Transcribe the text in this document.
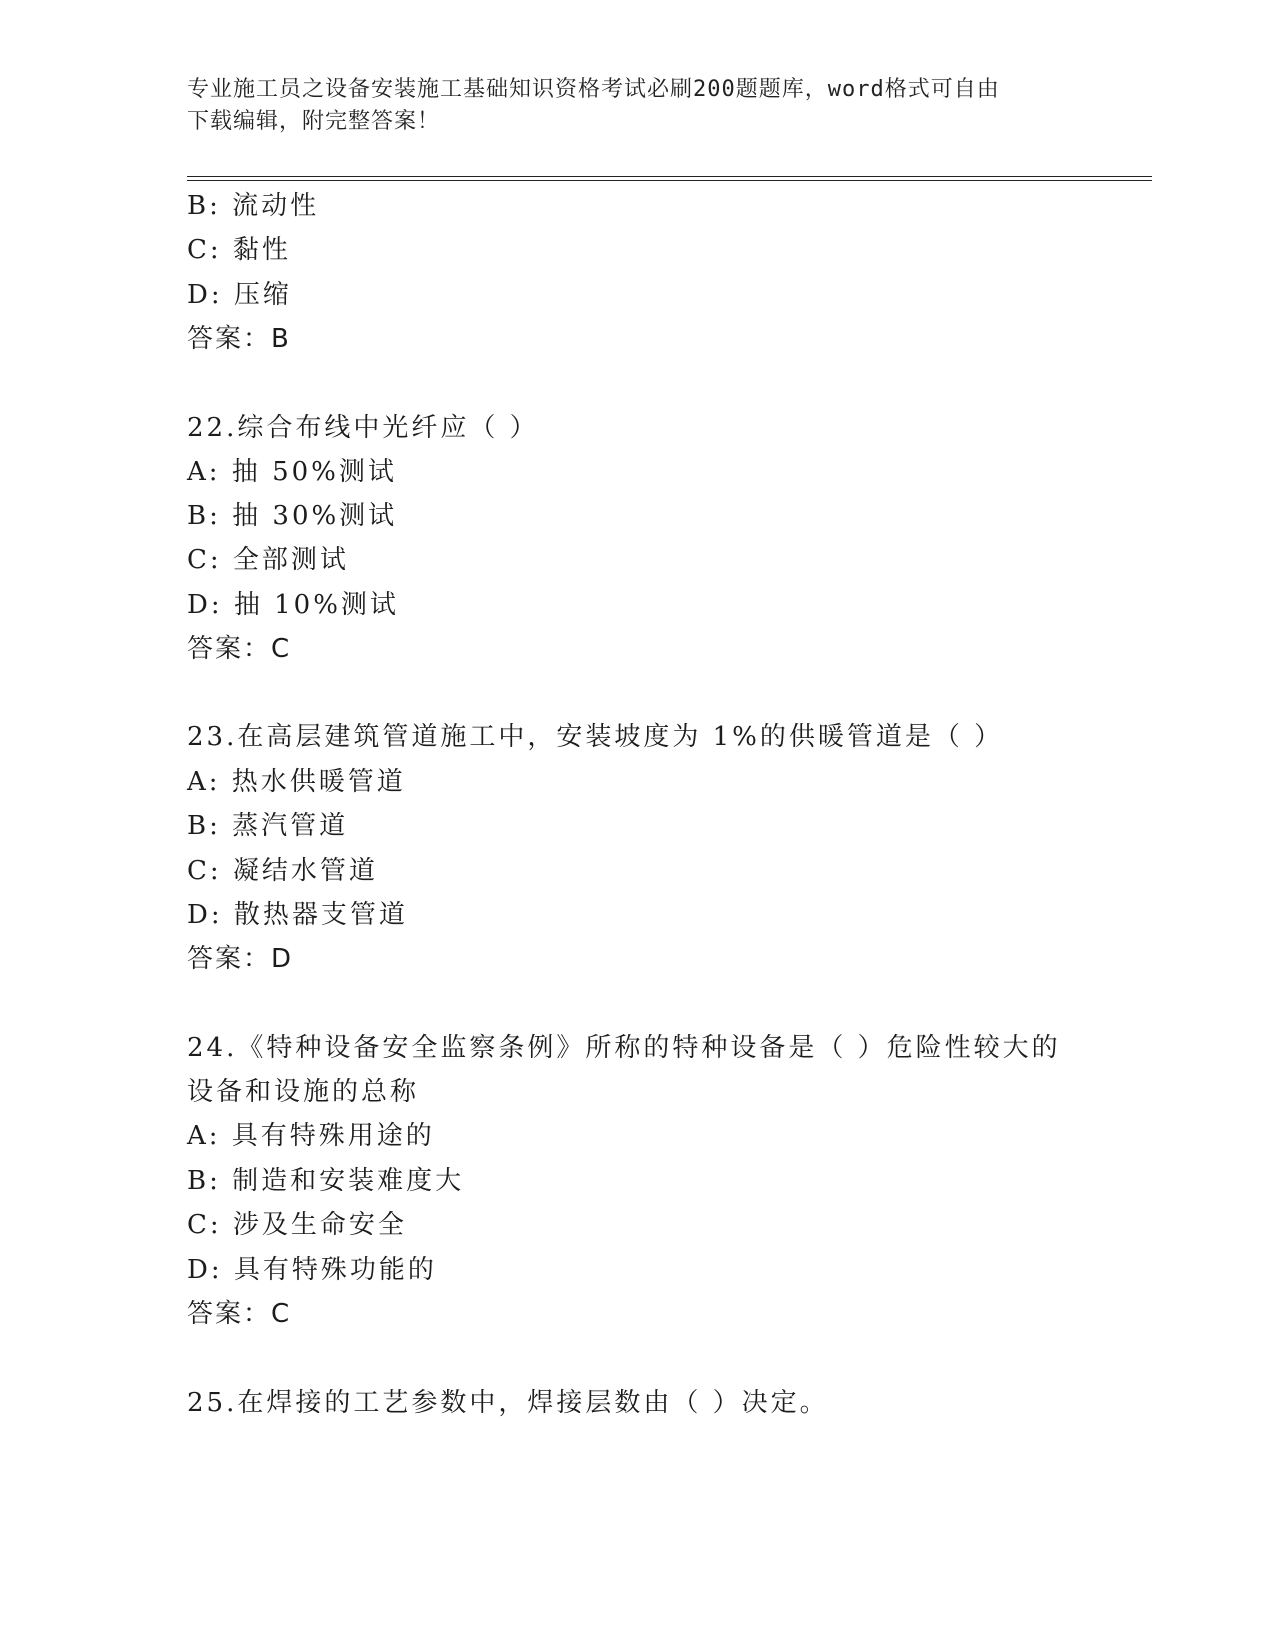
专业施工员之设备安装施工基础知识资格考试必刷200题题库，word格式可自由
下载编辑，附完整答案！
B: 流动性
C: 黏性
D: 压缩
答案：B
22.综合布线中光纤应（ ）
A: 抽 50%测试
B: 抽 30%测试
C: 全部测试
D: 抽 10%测试
答案：C
23.在高层建筑管道施工中，安装坡度为 1%的供暖管道是（ ）
A: 热水供暖管道
B: 蒸汽管道
C: 凝结水管道
D: 散热器支管道
答案：D
24.《特种设备安全监察条例》所称的特种设备是（ ）危险性较大的
设备和设施的总称
A: 具有特殊用途的
B: 制造和安装难度大
C: 涉及生命安全
D: 具有特殊功能的
答案：C
25.在焊接的工艺参数中，焊接层数由（ ）决定。
